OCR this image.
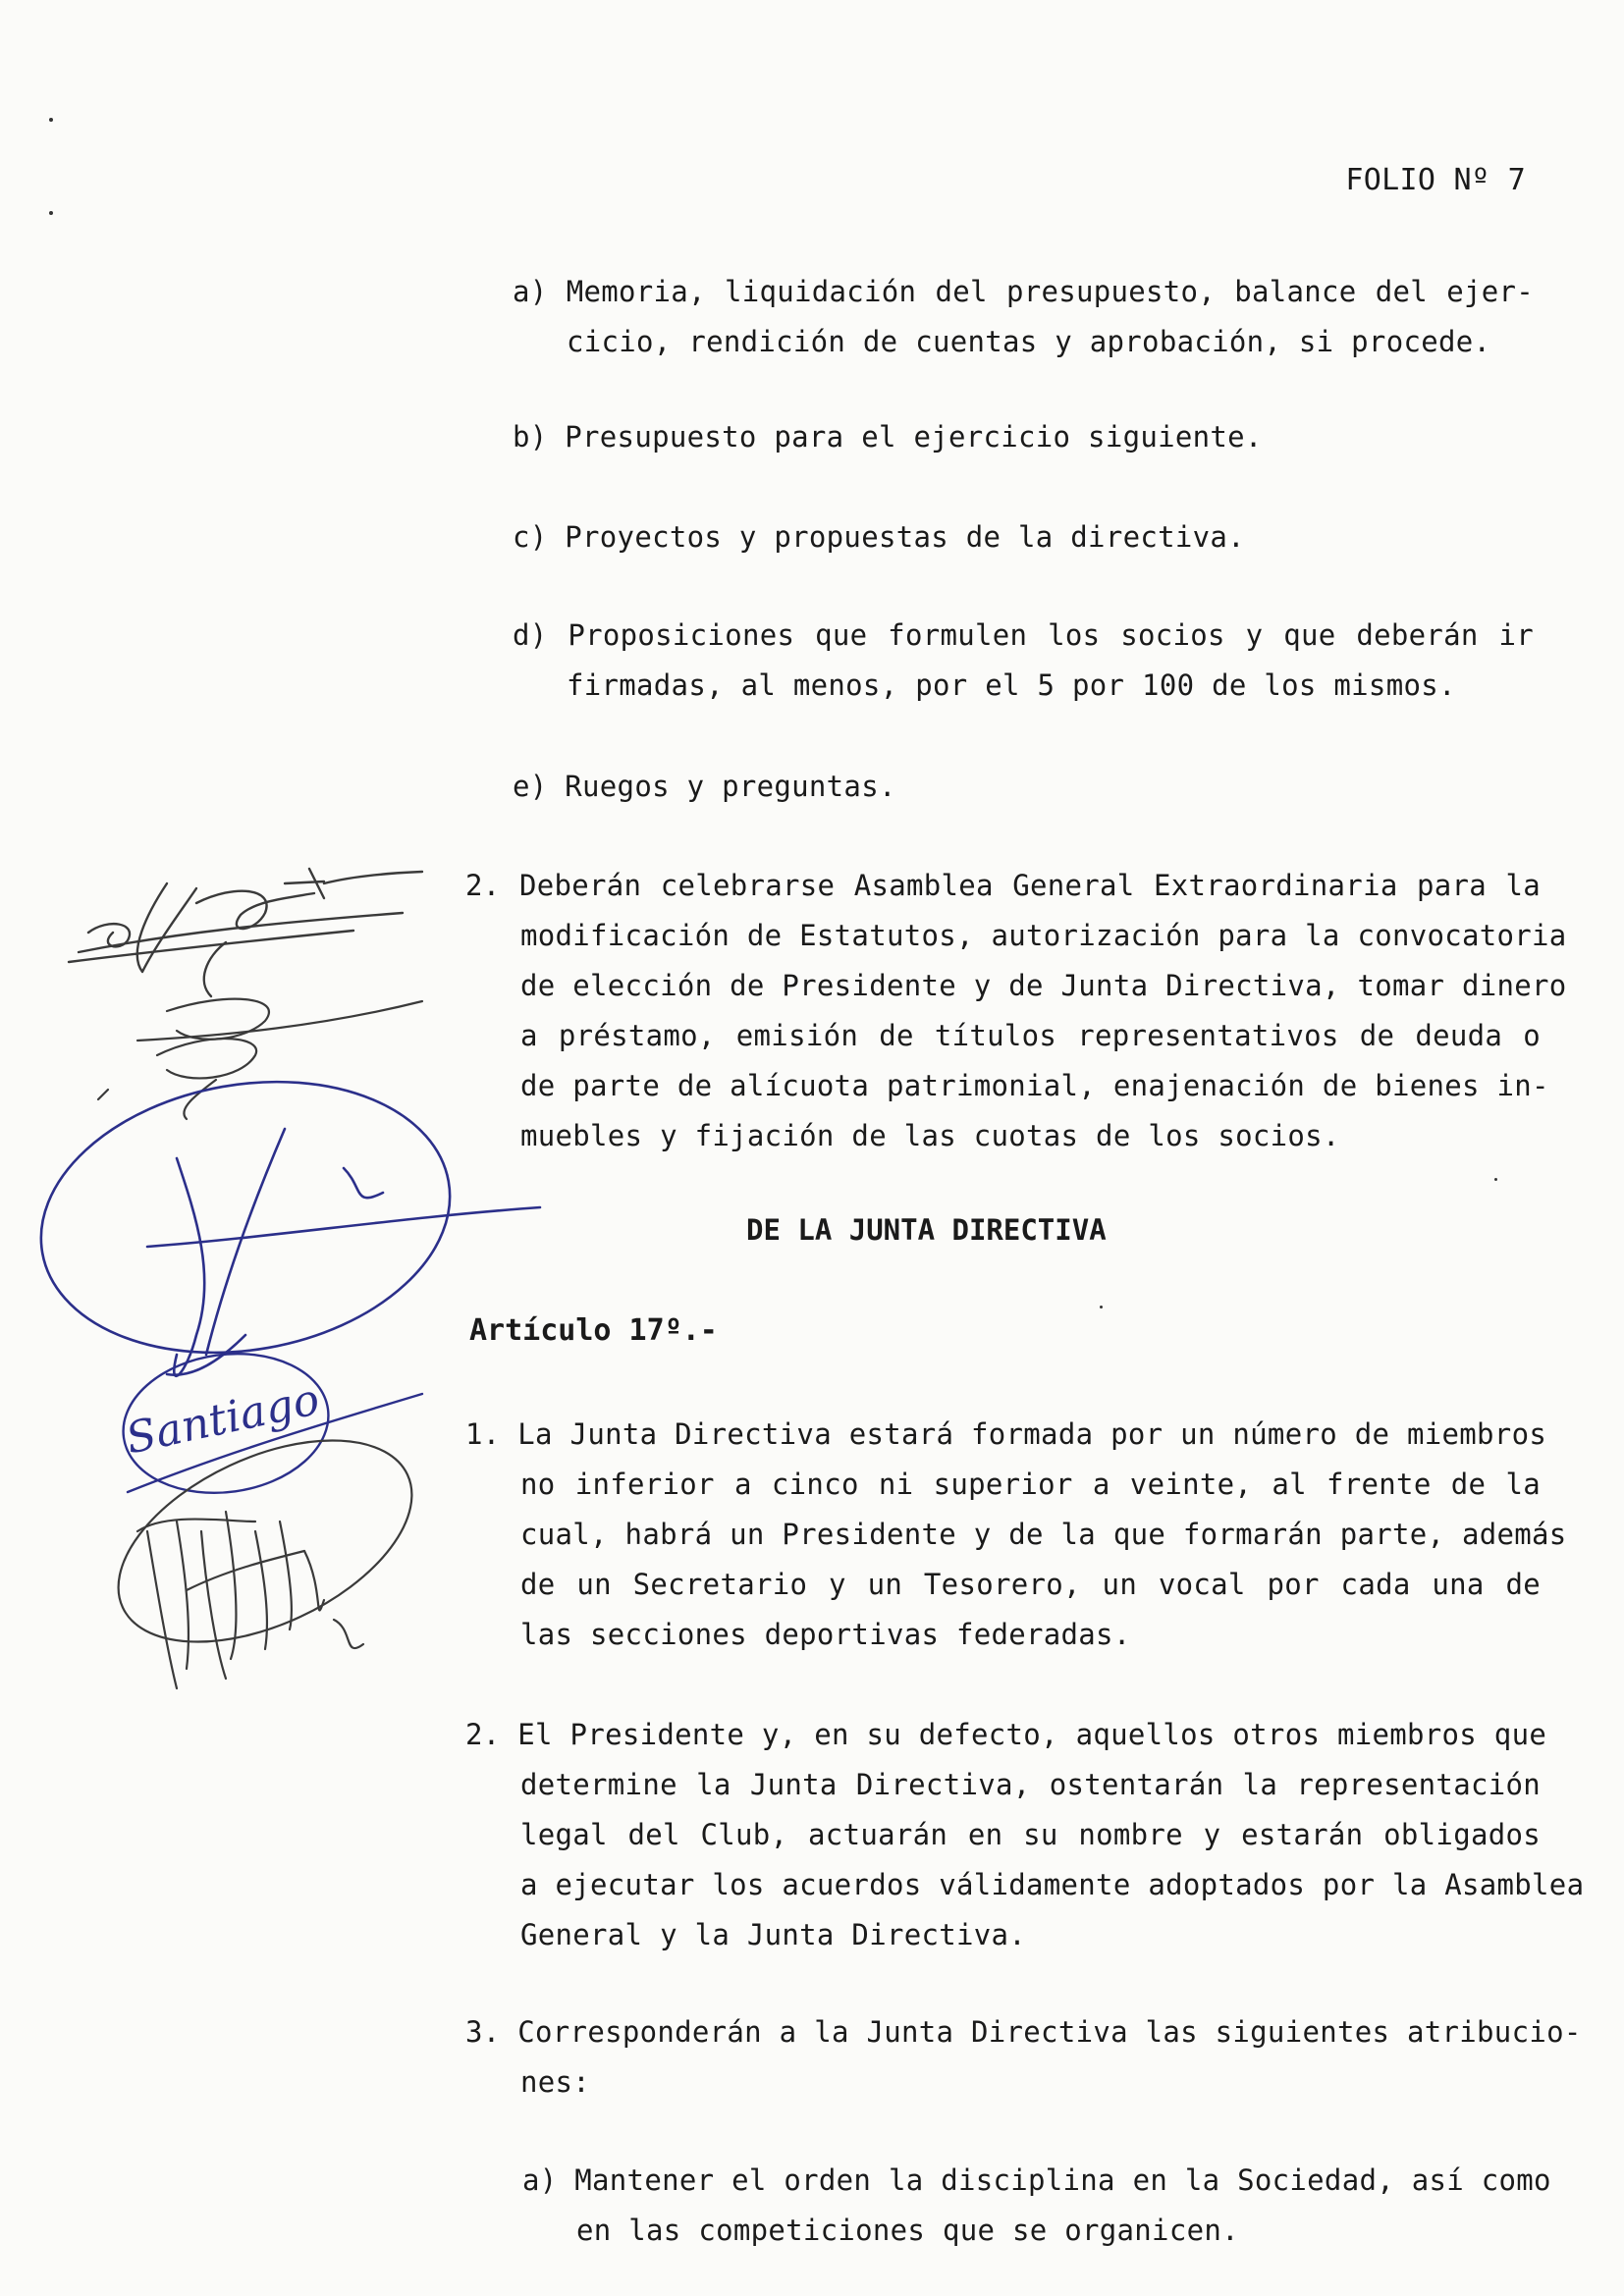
FOLIO Nº 7
a) Memoria, liquidación del presupuesto, balance del ejer-
cicio, rendición de cuentas y aprobación, si procede.
b) Presupuesto para el ejercicio siguiente.
c) Proyectos y propuestas de la directiva.
d) Proposiciones que formulen los socios y que deberán ir
firmadas, al menos, por el 5 por 100 de los mismos.
e) Ruegos y preguntas.
2. Deberán celebrarse Asamblea General Extraordinaria para la
modificación de Estatutos, autorización para la convocatoria
de elección de Presidente y de Junta Directiva, tomar dinero
a préstamo, emisión de títulos representativos de deuda o
de parte de alícuota patrimonial, enajenación de bienes in-
muebles y fijación de las cuotas de los socios.
DE LA JUNTA DIRECTIVA
Artículo 17º.-
1. La Junta Directiva estará formada por un número de miembros
no inferior a cinco ni superior a veinte, al frente de la
cual, habrá un Presidente y de la que formarán parte, además
de un Secretario y un Tesorero, un vocal por cada una de
las secciones deportivas federadas.
2. El Presidente y, en su defecto, aquellos otros miembros que
determine la Junta Directiva, ostentarán la representación
legal del Club, actuarán en su nombre y estarán obligados
a ejecutar los acuerdos válidamente adoptados por la Asamblea
General y la Junta Directiva.
3. Corresponderán a la Junta Directiva las siguientes atribucio-
nes:
a) Mantener el orden la disciplina en la Sociedad, así como
en las competiciones que se organicen.
Santiago
